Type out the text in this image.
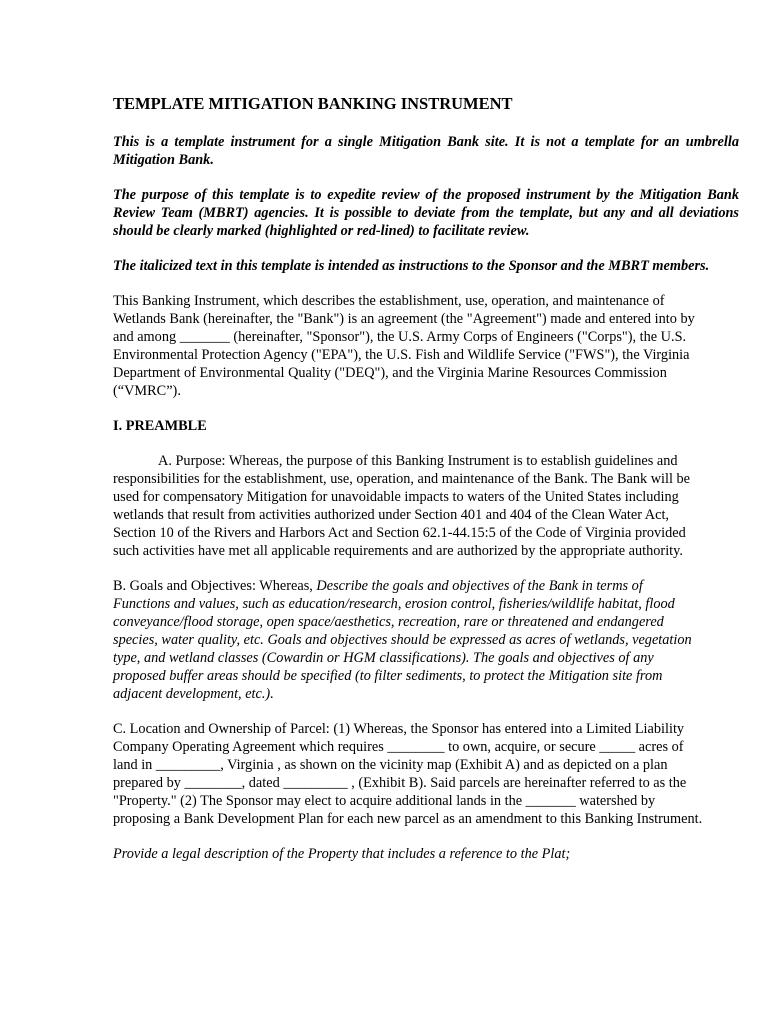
TEMPLATE MITIGATION BANKING INSTRUMENT

This is a template instrument for a single Mitigation Bank site. It is not a template for an umbrella Mitigation Bank.

The purpose of this template is to expedite review of the proposed instrument by the Mitigation Bank Review Team (MBRT) agencies. It is possible to deviate from the template, but any and all deviations should be clearly marked (highlighted or red-lined) to facilitate review.

The italicized text in this template is intended as instructions to the Sponsor and the MBRT members.

This Banking Instrument, which describes the establishment, use, operation, and maintenance of
Wetlands Bank (hereinafter, the "Bank") is an agreement (the "Agreement") made and entered into by
and among _______ (hereinafter, "Sponsor"), the U.S. Army Corps of Engineers ("Corps"), the U.S.
Environmental Protection Agency ("EPA"), the U.S. Fish and Wildlife Service ("FWS"), the Virginia
Department of Environmental Quality ("DEQ"), and the Virginia Marine Resources Commission
(“VMRC”).

I. PREAMBLE

A. Purpose: Whereas, the purpose of this Banking Instrument is to establish guidelines and
responsibilities for the establishment, use, operation, and maintenance of the Bank. The Bank will be
used for compensatory Mitigation for unavoidable impacts to waters of the United States including
wetlands that result from activities authorized under Section 401 and 404 of the Clean Water Act,
Section 10 of the Rivers and Harbors Act and Section 62.1-44.15:5 of the Code of Virginia provided
such activities have met all applicable requirements and are authorized by the appropriate authority.

B. Goals and Objectives: Whereas, Describe the goals and objectives of the Bank in terms of
Functions and values, such as education/research, erosion control, fisheries/wildlife habitat, flood
conveyance/flood storage, open space/aesthetics, recreation, rare or threatened and endangered
species, water quality, etc. Goals and objectives should be expressed as acres of wetlands, vegetation
type, and wetland classes (Cowardin or HGM classifications). The goals and objectives of any
proposed buffer areas should be specified (to filter sediments, to protect the Mitigation site from
adjacent development, etc.).

C. Location and Ownership of Parcel: (1) Whereas, the Sponsor has entered into a Limited Liability
Company Operating Agreement which requires ________ to own, acquire, or secure _____ acres of
land in _________, Virginia , as shown on the vicinity map (Exhibit A) and as depicted on a plan
prepared by ________, dated _________ , (Exhibit B). Said parcels are hereinafter referred to as the
"Property." (2) The Sponsor may elect to acquire additional lands in the _______ watershed by
proposing a Bank Development Plan for each new parcel as an amendment to this Banking Instrument.

Provide a legal description of the Property that includes a reference to the Plat;
